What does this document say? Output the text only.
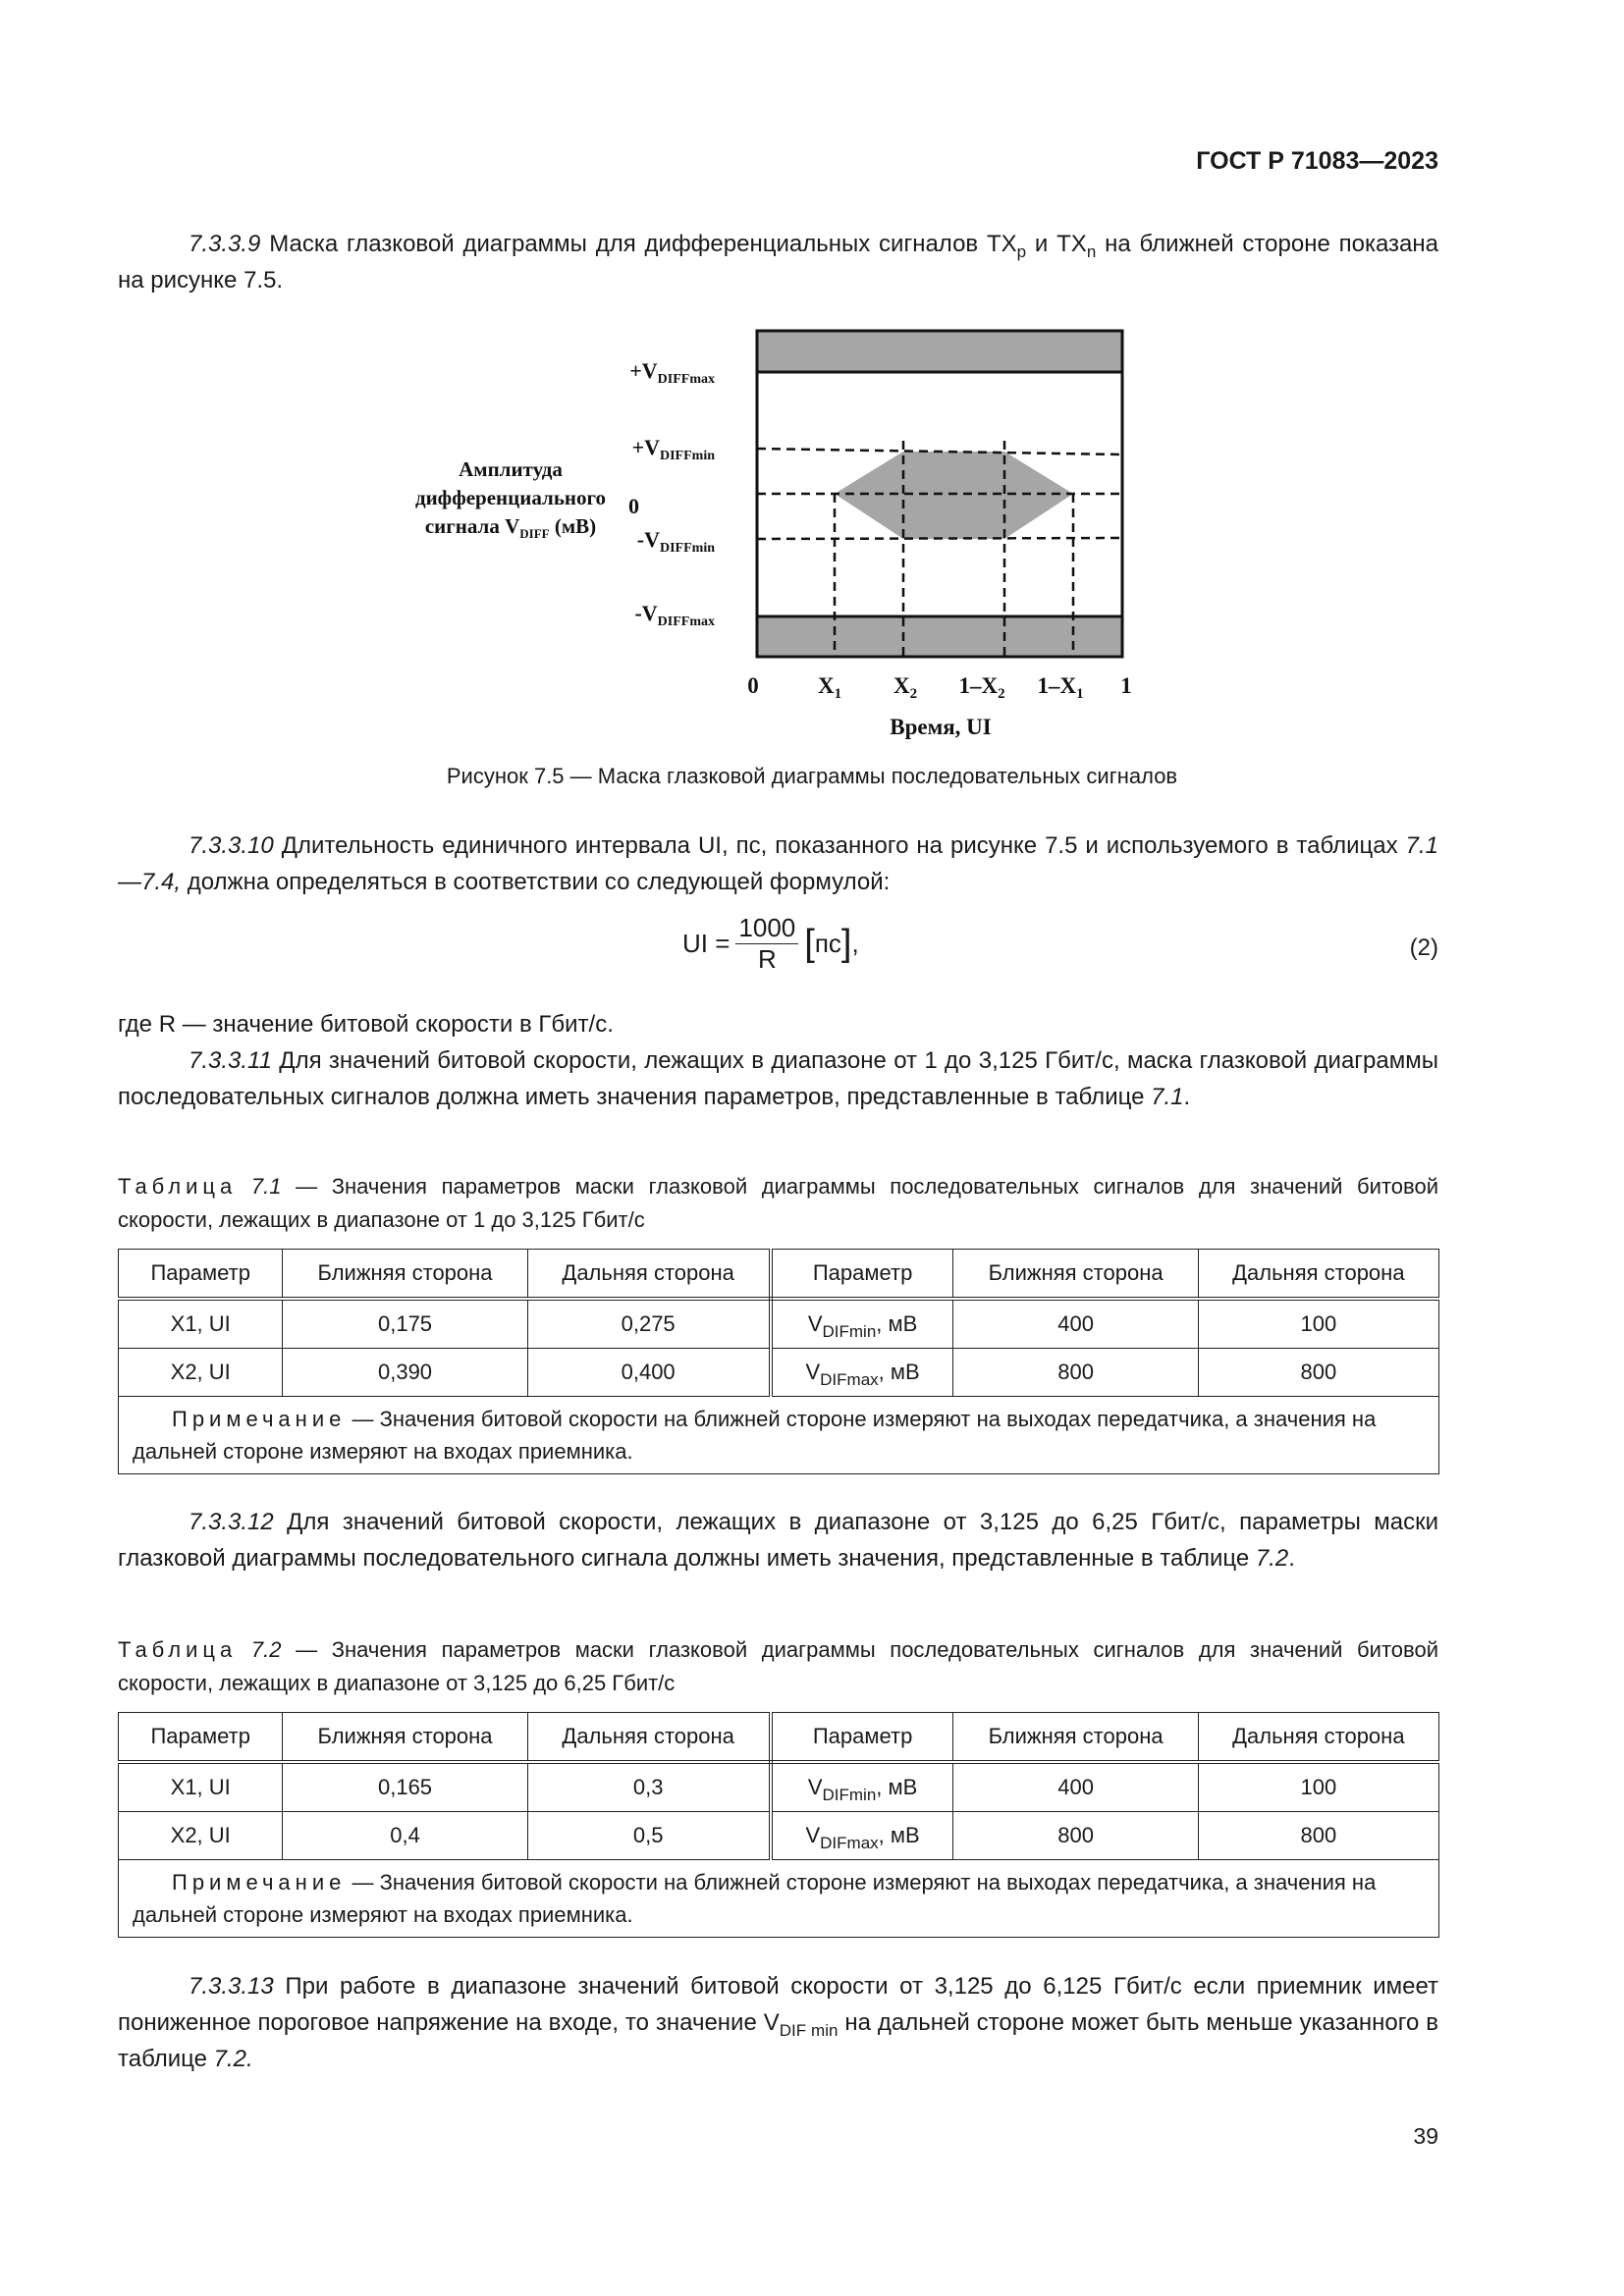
ГОСТ Р 71083—2023
7.3.3.9 Маска глазковой диаграммы для дифференциальных сигналов $TX_p$ и $TX_n$ на ближней стороне показана на рисунке 7.5.
$+V_{DIFFmax}$
$+V_{DIFFmin}$
0
$-V_{DIFFmin}$
$-V_{DIFFmax}$
Амплитуда
дифференциального
сигнала $V_{DIFF}$ (мВ)
0	$X_1$ $X_2$ $1-X_2$ $1-X_1$ 1
Время, UI
Рисунок 7.5 — Маска глазковой диаграммы последовательных сигналов
7.3.3.10 Длительность единичного интервала UI, пс, показанного на рисунке 7.5 и используемого в таблицах 7.1—7.4, должна определяться в соответствии со следующей формулой:
UI = $\frac{1000}{R}$ [ пс ] ,	(2)
где R — значение битовой скорости в Гбит/с.
7.3.3.11 Для значений битовой скорости, лежащих в диапазоне от 1 до 3,125 Гбит/с, маска глазковой диаграммы последовательных сигналов должна иметь значения параметров, представленные в таблице 7.1.
Таблица 7.1 — Значения параметров маски глазковой диаграммы последовательных сигналов для значений битовой скорости, лежащих в диапазоне от 1 до 3,125 Гбит/с
Параметр	Ближняя сторона	Дальняя сторона	Параметр	Ближняя сторона	Дальняя сторона
X1, UI	0,175	0,275	$V_{DIFmin}$, мВ	400	100
X2, UI	0,390	0,400	$V_{DIFmax}$, мВ	800	800
Примечание — Значения битовой скорости на ближней стороне измеряют на выходах передатчика, а значения на дальней стороне измеряют на входах приемника.					
7.3.3.12 Для значений битовой скорости, лежащих в диапазоне от 3,125 до 6,25 Гбит/с, параметры маски глазковой диаграммы последовательного сигнала должны иметь значения, представленные в таблице 7.2.
Таблица 7.2 — Значения параметров маски глазковой диаграммы последовательных сигналов для значений битовой скорости, лежащих в диапазоне от 3,125 до 6,25 Гбит/с
Параметр	Ближняя сторона	Дальняя сторона	Параметр	Ближняя сторона	Дальняя сторона
X1, UI	0,165	0,3	$V_{DIFmin}$, мВ	400	100
X2, UI	0,4	0,5	$V_{DIFmax}$, мВ	800	800
Примечание — Значения битовой скорости на ближней стороне измеряют на выходах передатчика, а значения на дальней стороне измеряют на входах приемника.					
7.3.3.13 При работе в диапазоне значений битовой скорости от 3,125 до 6,125 Гбит/с если приемник имеет пониженное пороговое напряжение на входе, то значение $V_{DIF min}$ на дальней стороне может быть меньше указанного в таблице 7.2.
39
